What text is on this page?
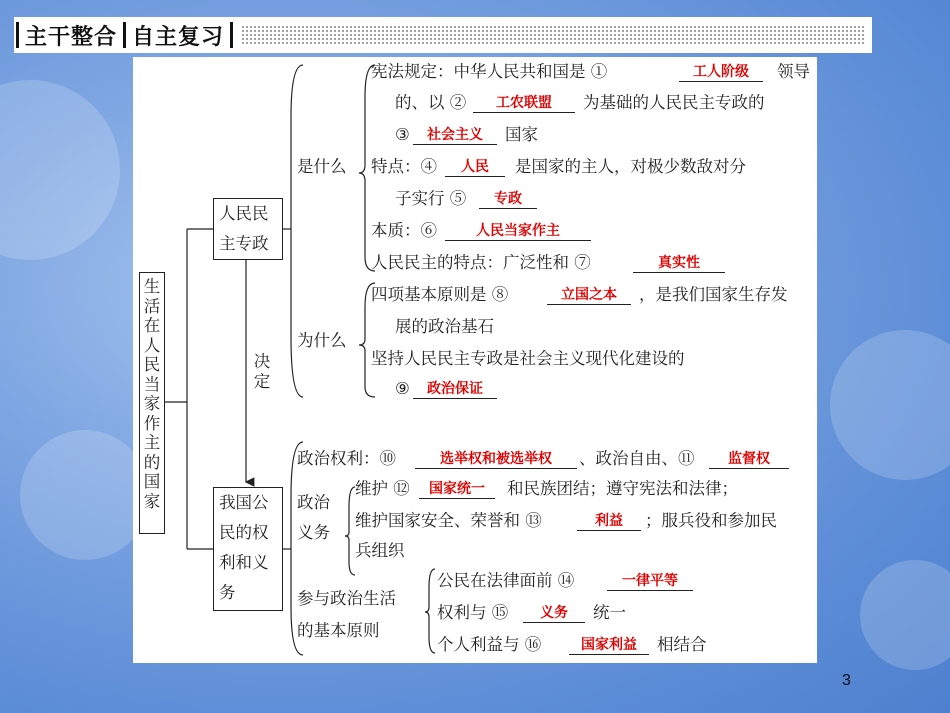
主干整合 自主复习
生活在人民当家作主的国家
人民民
主专政
决定
我国公
民的权
利和义
务
是什么
为什么
宪法规定：中华人民共和国是 ①	工人阶级	领导
的、以 ②	工农联盟	为基础的人民民主专政的
③	社会主义	国家
特点：④	人民	是国家的主人，对极少数敌对分
子实行 ⑤	专政
本质：⑥	人民当家作主
人民民主的特点：广泛性和 ⑦	真实性
四项基本原则是 ⑧	立国之本	，是我们国家生存发
展的政治基石
坚持人民民主专政是社会主义现代化建设的
⑨	政治保证
政治权利：⑩	选举权和被选举权	、政治自由、⑪	监督权
政治
义务
维护 ⑫	国家统一	和民族团结；遵守宪法和法律；
维护国家安全、荣誉和 ⑬	利益	；服兵役和参加民
兵组织
参与政治生活
的基本原则
公民在法律面前 ⑭	一律平等
权利与 ⑮	义务	统一
个人利益与 ⑯	国家利益	相结合
3
